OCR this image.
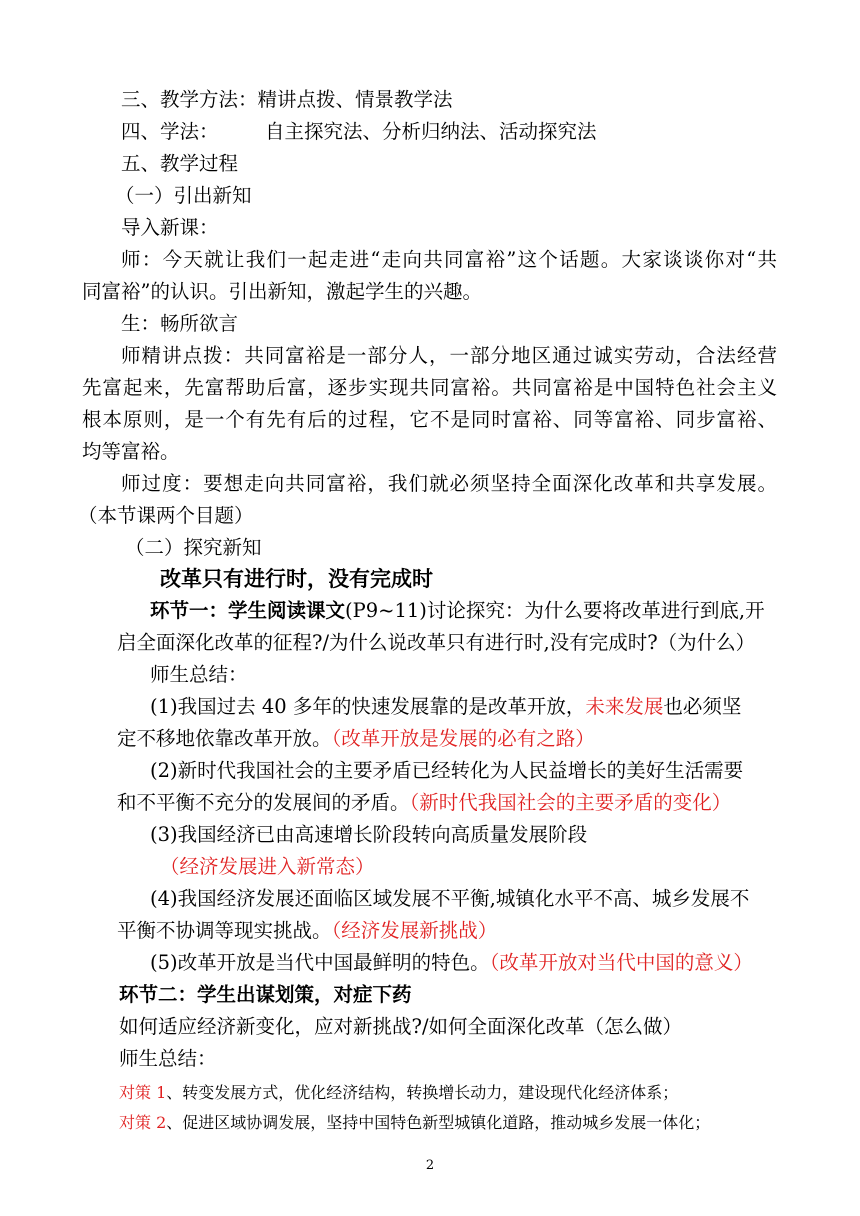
三、教学方法：精讲点拨、情景教学法
四、学法： 自主探究法、分析归纳法、活动探究法
五、教学过程
（一）引出新知
导入新课：
师：今天就让我们一起走进“走向共同富裕”这个话题。大家谈谈你对“共
同富裕”的认识。引出新知，激起学生的兴趣。
生：畅所欲言
师精讲点拨：共同富裕是一部分人，一部分地区通过诚实劳动，合法经营
先富起来，先富帮助后富，逐步实现共同富裕。共同富裕是中国特色社会主义
根本原则，是一个有先有后的过程，它不是同时富裕、同等富裕、同步富裕、
均等富裕。
师过度：要想走向共同富裕，我们就必须坚持全面深化改革和共享发展。
（本节课两个目题）
（二）探究新知
改革只有进行时，没有完成时
环节一：学生阅读课文(P9~11)讨论探究：为什么要将改革进行到底,开
启全面深化改革的征程?/为什么说改革只有进行时,没有完成时?（为什么）
师生总结：
(1)我国过去 40 多年的快速发展靠的是改革开放，未来发展也必须坚
定不移地依靠改革开放。（改革开放是发展的必有之路）
(2)新时代我国社会的主要矛盾已经转化为人民益增长的美好生活需要
和不平衡不充分的发展间的矛盾。（新时代我国社会的主要矛盾的变化）
(3)我国经济已由高速增长阶段转向高质量发展阶段
（经济发展进入新常态）
(4)我国经济发展还面临区域发展不平衡,城镇化水平不高、城乡发展不
平衡不协调等现实挑战。（经济发展新挑战）
(5)改革开放是当代中国最鲜明的特色。（改革开放对当代中国的意义）
环节二：学生出谋划策，对症下药
如何适应经济新变化，应对新挑战?/如何全面深化改革（怎么做）
师生总结：
对策 1、转变发展方式，优化经济结构，转换增长动力，建设现代化经济体系；
对策 2、促进区域协调发展，坚持中国特色新型城镇化道路，推动城乡发展一体化；
2
